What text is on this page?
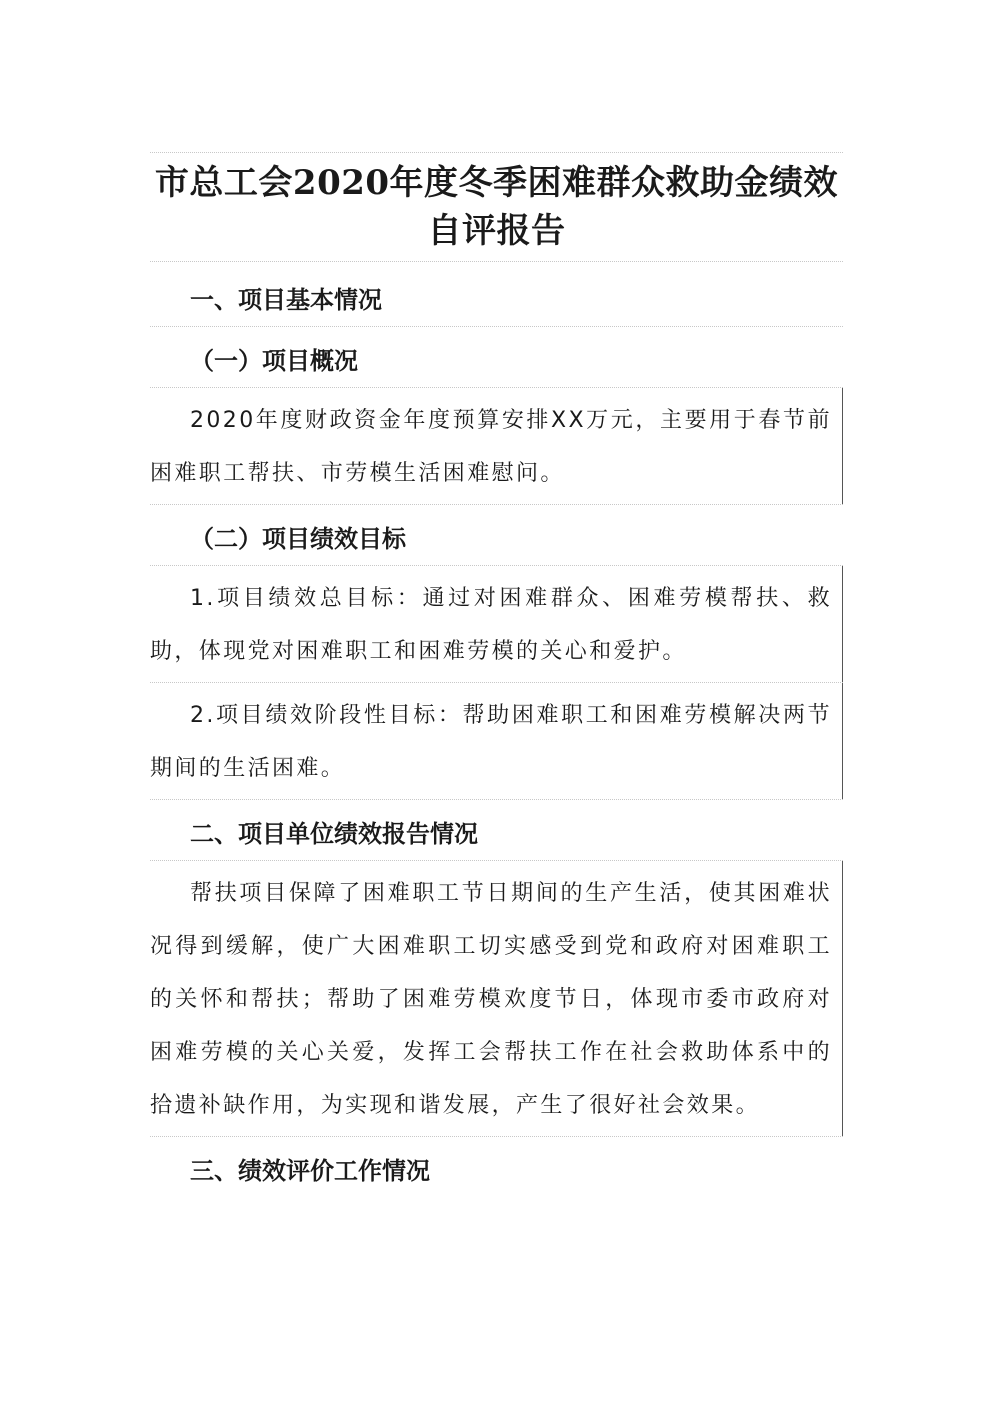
市总工会2020年度冬季困难群众救助金绩效自评报告
一、项目基本情况
（一）项目概况

2020年度财政资金年度预算安排XX万元，主要用于春节前困难职工帮扶、市劳模生活困难慰问。

（二）项目绩效目标

1.项目绩效总目标：通过对困难群众、困难劳模帮扶、救助，体现党对困难职工和困难劳模的关心和爱护。

2.项目绩效阶段性目标：帮助困难职工和困难劳模解决两节期间的生活困难。

二、项目单位绩效报告情况

帮扶项目保障了困难职工节日期间的生产生活，使其困难状况得到缓解，使广大困难职工切实感受到党和政府对困难职工的关怀和帮扶；帮助了困难劳模欢度节日，体现市委市政府对困难劳模的关心关爱，发挥工会帮扶工作在社会救助体系中的拾遗补缺作用，为实现和谐发展，产生了很好社会效果。

三、绩效评价工作情况
